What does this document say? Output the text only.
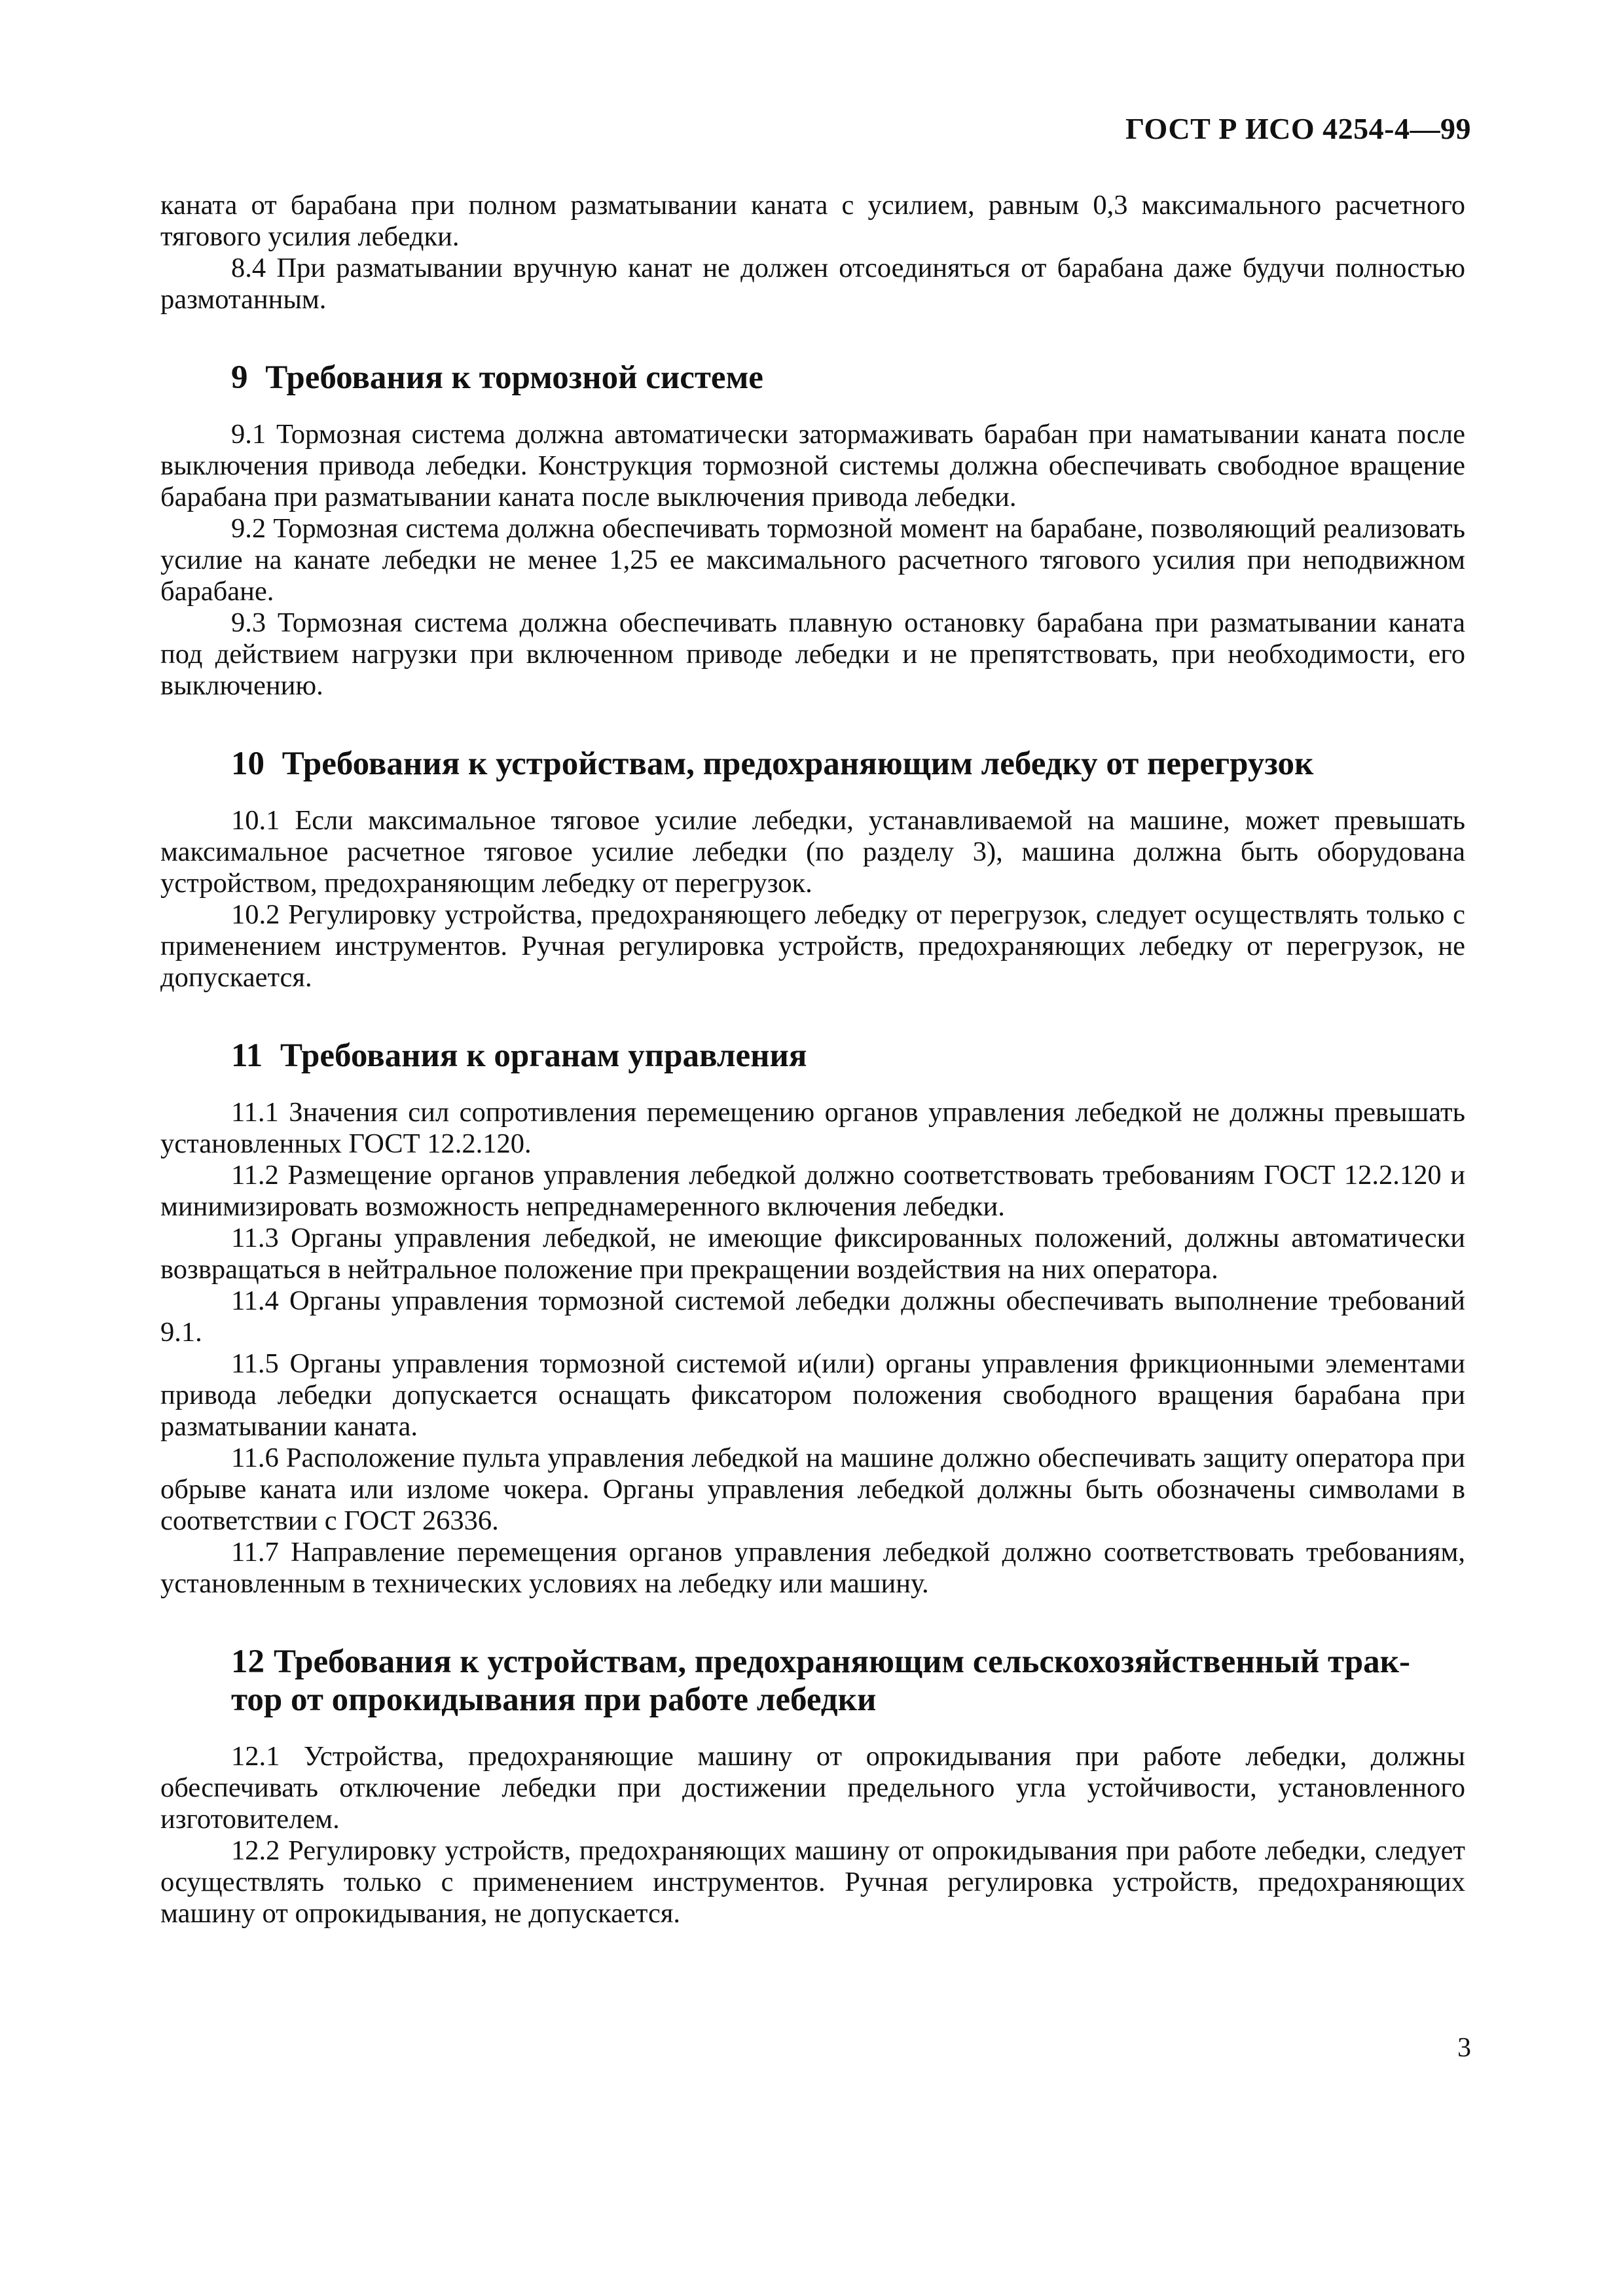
ГОСТ Р ИСО 4254-4—99

каната от барабана при полном разматывании каната с усилием, равным 0,3 максимального расчетного тягового усилия лебедки.

8.4 При разматывании вручную канат не должен отсоединяться от барабана даже будучи полностью размотанным.

9 Требования к тормозной системе

9.1 Тормозная система должна автоматически затормаживать барабан при наматывании каната после выключения привода лебедки. Конструкция тормозной системы должна обеспечивать свободное вращение барабана при разматывании каната после выключения привода лебедки.

9.2 Тормозная система должна обеспечивать тормозной момент на барабане, позволяющий реализовать усилие на канате лебедки не менее 1,25 ее максимального расчетного тягового усилия при неподвижном барабане.

9.3 Тормозная система должна обеспечивать плавную остановку барабана при разматывании каната под действием нагрузки при включенном приводе лебедки и не препятствовать, при необходимости, его выключению.

10 Требования к устройствам, предохраняющим лебедку от перегрузок

10.1 Если максимальное тяговое усилие лебедки, устанавливаемой на машине, может превышать максимальное расчетное тяговое усилие лебедки (по разделу 3), машина должна быть оборудована устройством, предохраняющим лебедку от перегрузок.

10.2 Регулировку устройства, предохраняющего лебедку от перегрузок, следует осуществлять только с применением инструментов. Ручная регулировка устройств, предохраняющих лебедку от перегрузок, не допускается.

11 Требования к органам управления

11.1 Значения сил сопротивления перемещению органов управления лебедкой не должны превышать установленных ГОСТ 12.2.120.

11.2 Размещение органов управления лебедкой должно соответствовать требованиям ГОСТ 12.2.120 и минимизировать возможность непреднамеренного включения лебедки.

11.3 Органы управления лебедкой, не имеющие фиксированных положений, должны автоматически возвращаться в нейтральное положение при прекращении воздействия на них оператора.

11.4 Органы управления тормозной системой лебедки должны обеспечивать выполнение требований 9.1.

11.5 Органы управления тормозной системой и(или) органы управления фрикционными элементами привода лебедки допускается оснащать фиксатором положения свободного вращения барабана при разматывании каната.

11.6 Расположение пульта управления лебедкой на машине должно обеспечивать защиту оператора при обрыве каната или изломе чокера. Органы управления лебедкой должны быть обозначены символами в соответствии с ГОСТ 26336.

11.7 Направление перемещения органов управления лебедкой должно соответствовать требованиям, установленным в технических условиях на лебедку или машину.

12 Требования к устройствам, предохраняющим сельскохозяйственный трак-
тор от опрокидывания при работе лебедки

12.1 Устройства, предохраняющие машину от опрокидывания при работе лебедки, должны обеспечивать отключение лебедки при достижении предельного угла устойчивости, установленного изготовителем.

12.2 Регулировку устройств, предохраняющих машину от опрокидывания при работе лебедки, следует осуществлять только с применением инструментов. Ручная регулировка устройств, предохраняющих машину от опрокидывания, не допускается.

3
